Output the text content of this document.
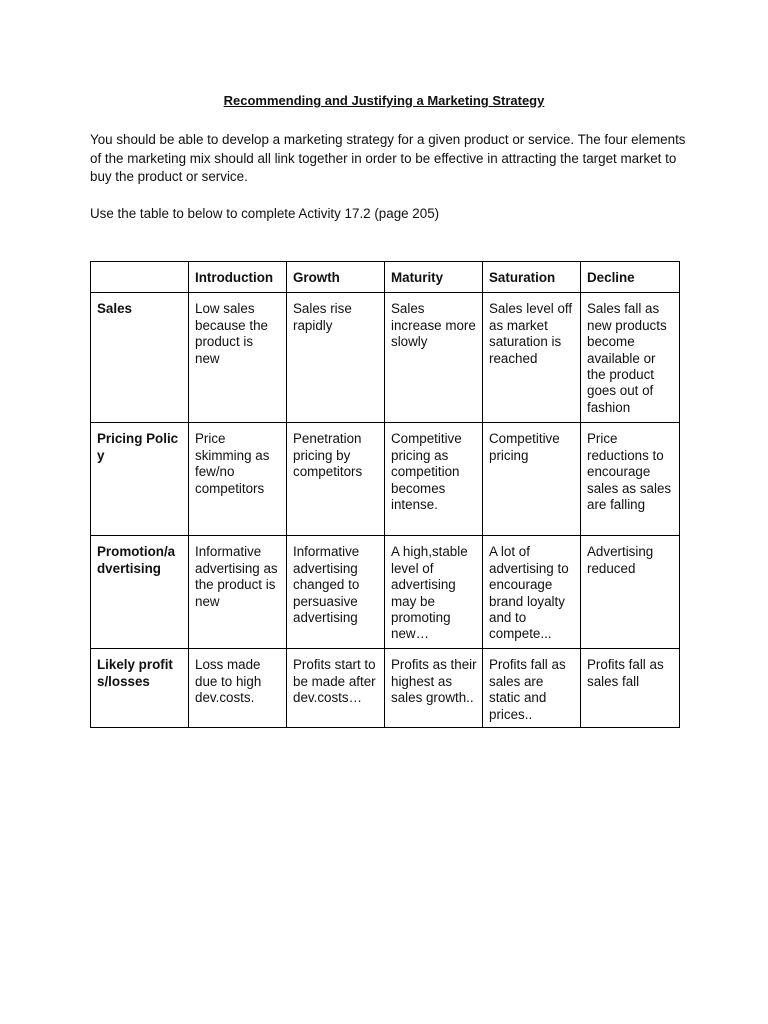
Recommending and Justifying a Marketing Strategy

You should be able to develop a marketing strategy for a given product or service. The four elements of the marketing mix should all link together in order to be effective in attracting the target market to buy the product or service.

Use the table to below to complete Activity 17.2 (page 205)

	Introduction	Growth	Maturity	Saturation	Decline
Sales	Low sales because the product is new	Sales rise rapidly	Sales increase more slowly	Sales level off as market saturation is reached	Sales fall as new products become available or the product goes out of fashion
Pricing Policy	Price skimming as few/no competitors	Penetration pricing by competitors	Competitive pricing as competition becomes intense.	Competitive pricing	Price reductions to encourage sales as sales are falling
Promotion/advertising	Informative advertising as the product is new	Informative advertising changed to persuasive advertising	A high,stable level of advertising may be promoting new…	A lot of advertising to encourage brand loyalty and to compete...	Advertising reduced
Likely profits/losses	Loss made due to high dev.costs.	Profits start to be made after dev.costs…	Profits as their highest as sales growth..	Profits fall as sales are static and prices..	Profits fall as sales fall
